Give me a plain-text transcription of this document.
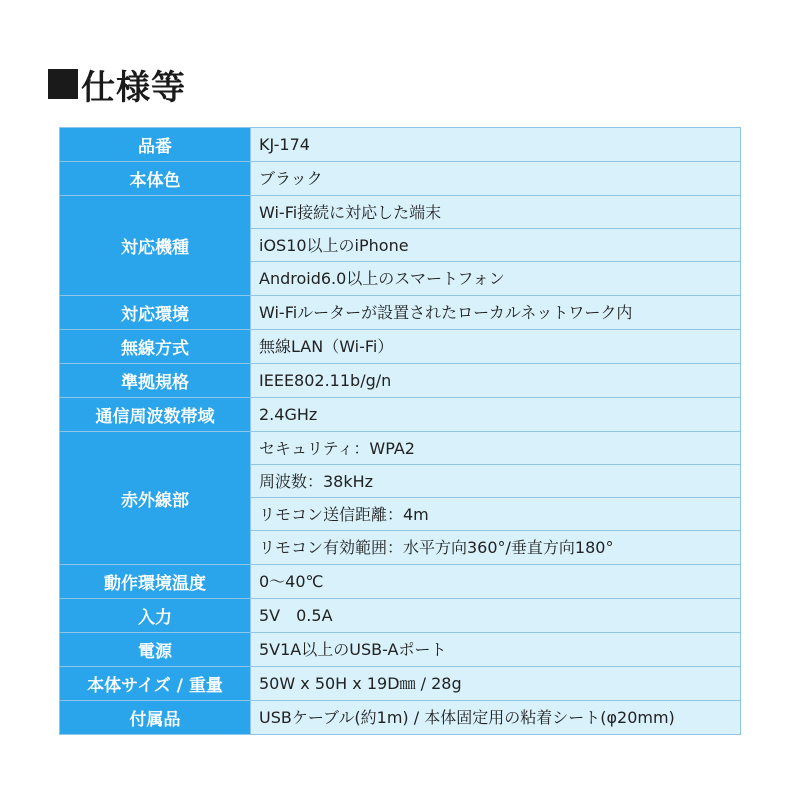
仕様等
品番	KJ-174

本体色	ブラック

対応機種	Wi-Fi接続に対応した端末
iOS10以上のiPhone
Android6.0以上のスマートフォン

対応環境	Wi-Fiルーターが設置されたローカルネットワーク内

無線方式	無線LAN（Wi-Fi）

準拠規格	IEEE802.11b/g/n

通信周波数帯域	2.4GHz

赤外線部	セキュリティ：WPA2
周波数：38kHz
リモコン送信距離：4m
リモコン有効範囲：水平方向360°/垂直方向180°

動作環境温度	0〜40℃

入力	5V　0.5A

電源	5V1A以上のUSB-Aポート

本体サイズ / 重量	50W x 50H x 19D㎜ / 28g

付属品	USBケーブル(約1m) / 本体固定用の粘着シート(φ20mm)
